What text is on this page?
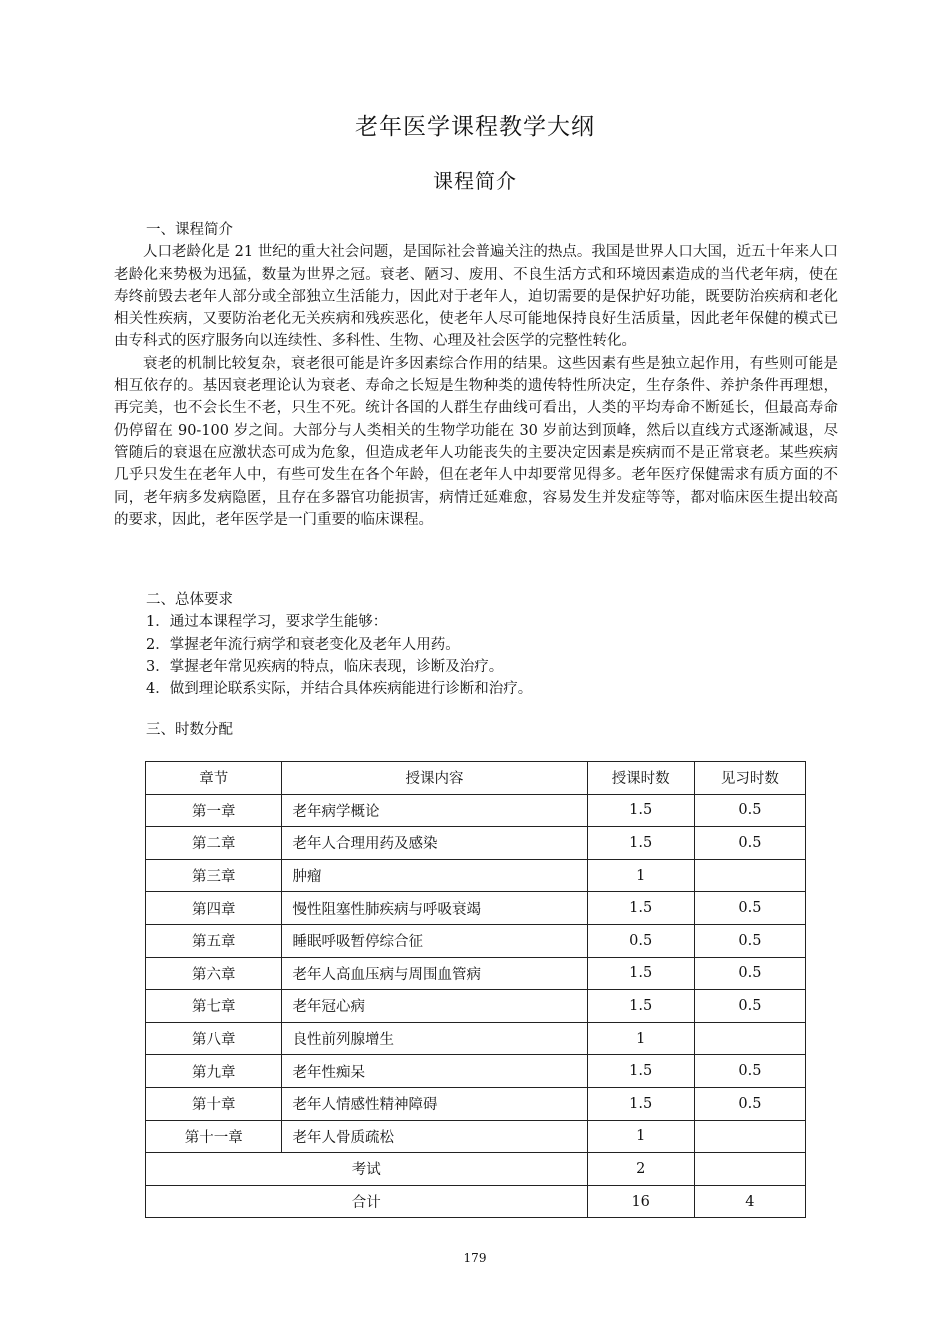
老年医学课程教学大纲
课程简介
一、课程简介

人口老龄化是 21 世纪的重大社会问题，是国际社会普遍关注的热点。我国是世界人口大国，近五十年来人口老龄化来势极为迅猛，数量为世界之冠。衰老、陋习、废用、不良生活方式和环境因素造成的当代老年病，使在寿终前毁去老年人部分或全部独立生活能力，因此对于老年人，迫切需要的是保护好功能，既要防治疾病和老化相关性疾病，又要防治老化无关疾病和残疾恶化，使老年人尽可能地保持良好生活质量，因此老年保健的模式已由专科式的医疗服务向以连续性、多科性、生物、心理及社会医学的完整性转化。

衰老的机制比较复杂，衰老很可能是许多因素综合作用的结果。这些因素有些是独立起作用，有些则可能是相互依存的。基因衰老理论认为衰老、寿命之长短是生物种类的遗传特性所决定，生存条件、养护条件再理想，再完美，也不会长生不老，只生不死。统计各国的人群生存曲线可看出，人类的平均寿命不断延长，但最高寿命仍停留在 90-100 岁之间。大部分与人类相关的生物学功能在 30 岁前达到顶峰，然后以直线方式逐渐减退，尽管随后的衰退在应激状态可成为危象，但造成老年人功能丧失的主要决定因素是疾病而不是正常衰老。某些疾病几乎只发生在老年人中，有些可发生在各个年龄，但在老年人中却要常见得多。老年医疗保健需求有质方面的不同，老年病多发病隐匿，且存在多器官功能损害，病情迁延难愈，容易发生并发症等等，都对临床医生提出较高的要求，因此，老年医学是一门重要的临床课程。

二、总体要求

1．通过本课程学习，要求学生能够：

2．掌握老年流行病学和衰老变化及老年人用药。

3．掌握老年常见疾病的特点，临床表现，诊断及治疗。

4．做到理论联系实际，并结合具体疾病能进行诊断和治疗。

三、时数分配
章节	授课内容	授课时数	见习时数
第一章	老年病学概论	1.5	0.5
第二章	老年人合理用药及感染	1.5	0.5
第三章	肿瘤	1	
第四章	慢性阻塞性肺疾病与呼吸衰竭	1.5	0.5
第五章	睡眠呼吸暂停综合征	0.5	0.5
第六章	老年人高血压病与周围血管病	1.5	0.5
第七章	老年冠心病	1.5	0.5
第八章	良性前列腺增生	1	
第九章	老年性痴呆	1.5	0.5
第十章	老年人情感性精神障碍	1.5	0.5
第十一章	老年人骨质疏松	1	
考试		2	
合计		16	4
179
